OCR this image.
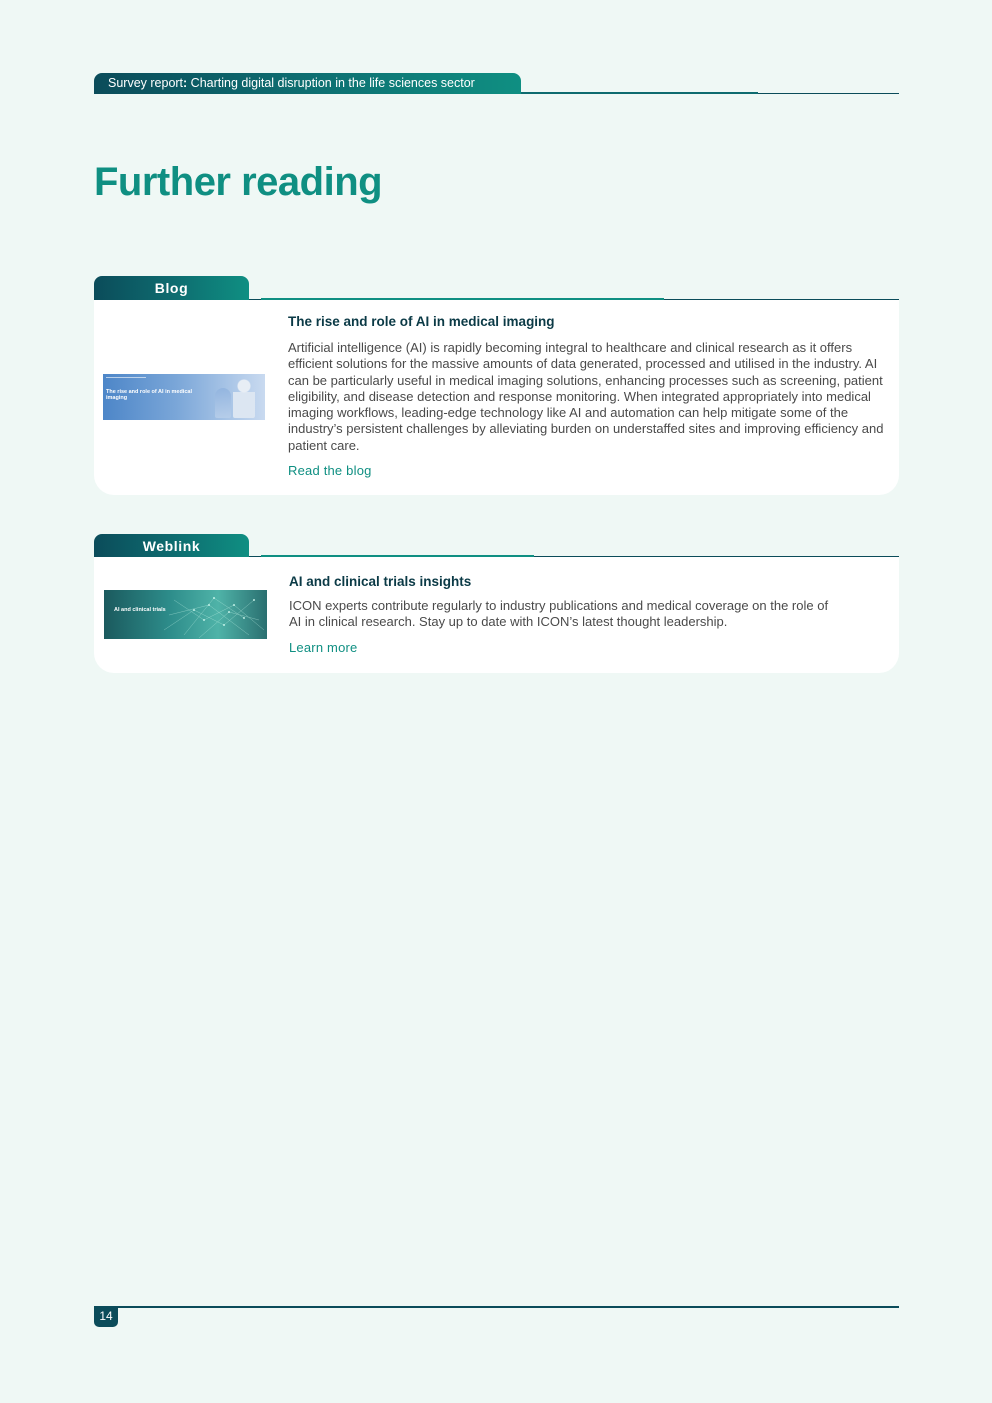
Survey report: Charting digital disruption in the life sciences sector
Further reading
Blog
The rise and role of AI in medical imaging
The rise and role of AI in medical imaging

Artificial intelligence (AI) is rapidly becoming integral to healthcare and clinical research as it offers efficient solutions for the massive amounts of data generated, processed and utilised in the industry. AI can be particularly useful in medical imaging solutions, enhancing processes such as screening, patient eligibility, and disease detection and response monitoring. When integrated appropriately into medical imaging workflows, leading-edge technology like AI and automation can help mitigate some of the industry’s persistent challenges by alleviating burden on understaffed sites and improving efficiency and patient care.

Read the blog
Weblink
AI and clinical trials
AI and clinical trials insights

ICON experts contribute regularly to industry publications and medical coverage on the role of AI in clinical research. Stay up to date with ICON’s latest thought leadership.

Learn more
14
